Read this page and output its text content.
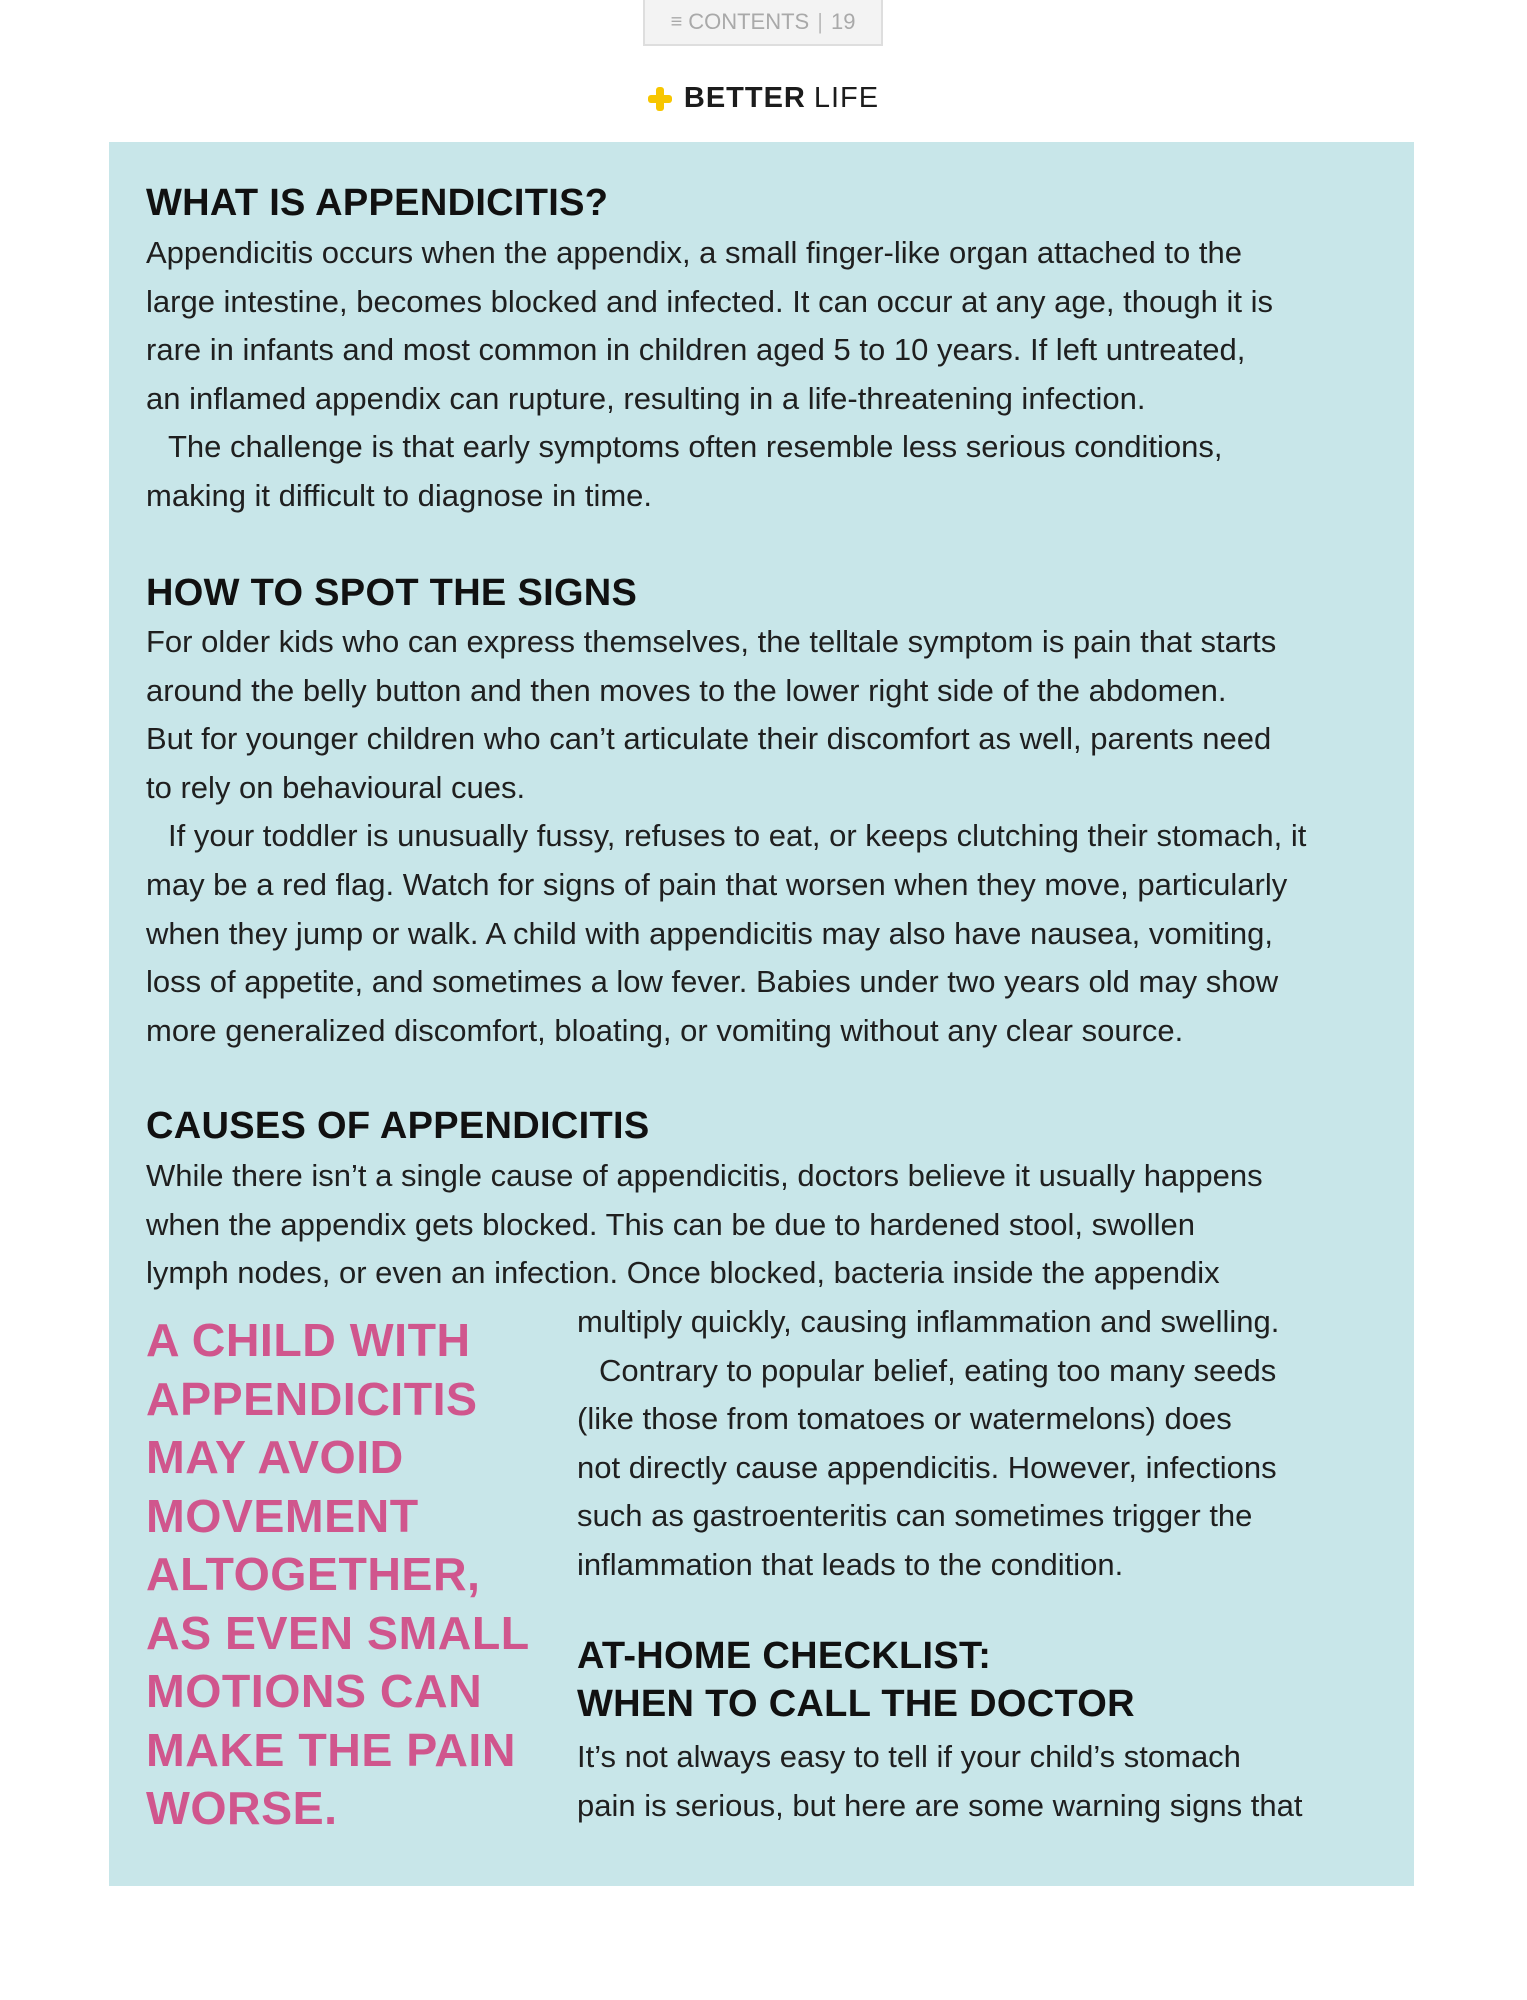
≡ CONTENTS | 19
BETTER LIFE
WHAT IS APPENDICITIS?
Appendicitis occurs when the appendix, a small finger-like organ attached to the
large intestine, becomes blocked and infected. It can occur at any age, though it is
rare in infants and most common in children aged 5 to 10 years. If left untreated,
an inflamed appendix can rupture, resulting in a life-threatening infection.
The challenge is that early symptoms often resemble less serious conditions,
making it difficult to diagnose in time.
HOW TO SPOT THE SIGNS
For older kids who can express themselves, the telltale symptom is pain that starts
around the belly button and then moves to the lower right side of the abdomen.
But for younger children who can’t articulate their discomfort as well, parents need
to rely on behavioural cues.
If your toddler is unusually fussy, refuses to eat, or keeps clutching their stomach, it
may be a red flag. Watch for signs of pain that worsen when they move, particularly
when they jump or walk. A child with appendicitis may also have nausea, vomiting,
loss of appetite, and sometimes a low fever. Babies under two years old may show
more generalized discomfort, bloating, or vomiting without any clear source.
CAUSES OF APPENDICITIS
While there isn’t a single cause of appendicitis, doctors believe it usually happens
when the appendix gets blocked. This can be due to hardened stool, swollen
lymph nodes, or even an infection. Once blocked, bacteria inside the appendix
multiply quickly, causing inflammation and swelling.
Contrary to popular belief, eating too many seeds
(like those from tomatoes or watermelons) does
not directly cause appendicitis. However, infections
such as gastroenteritis can sometimes trigger the
inflammation that leads to the condition.
AT-HOME CHECKLIST:
WHEN TO CALL THE DOCTOR
It’s not always easy to tell if your child’s stomach
pain is serious, but here are some warning signs that
A CHILD WITH
APPENDICITIS
MAY AVOID
MOVEMENT
ALTOGETHER,
AS EVEN SMALL
MOTIONS CAN
MAKE THE PAIN
WORSE.
